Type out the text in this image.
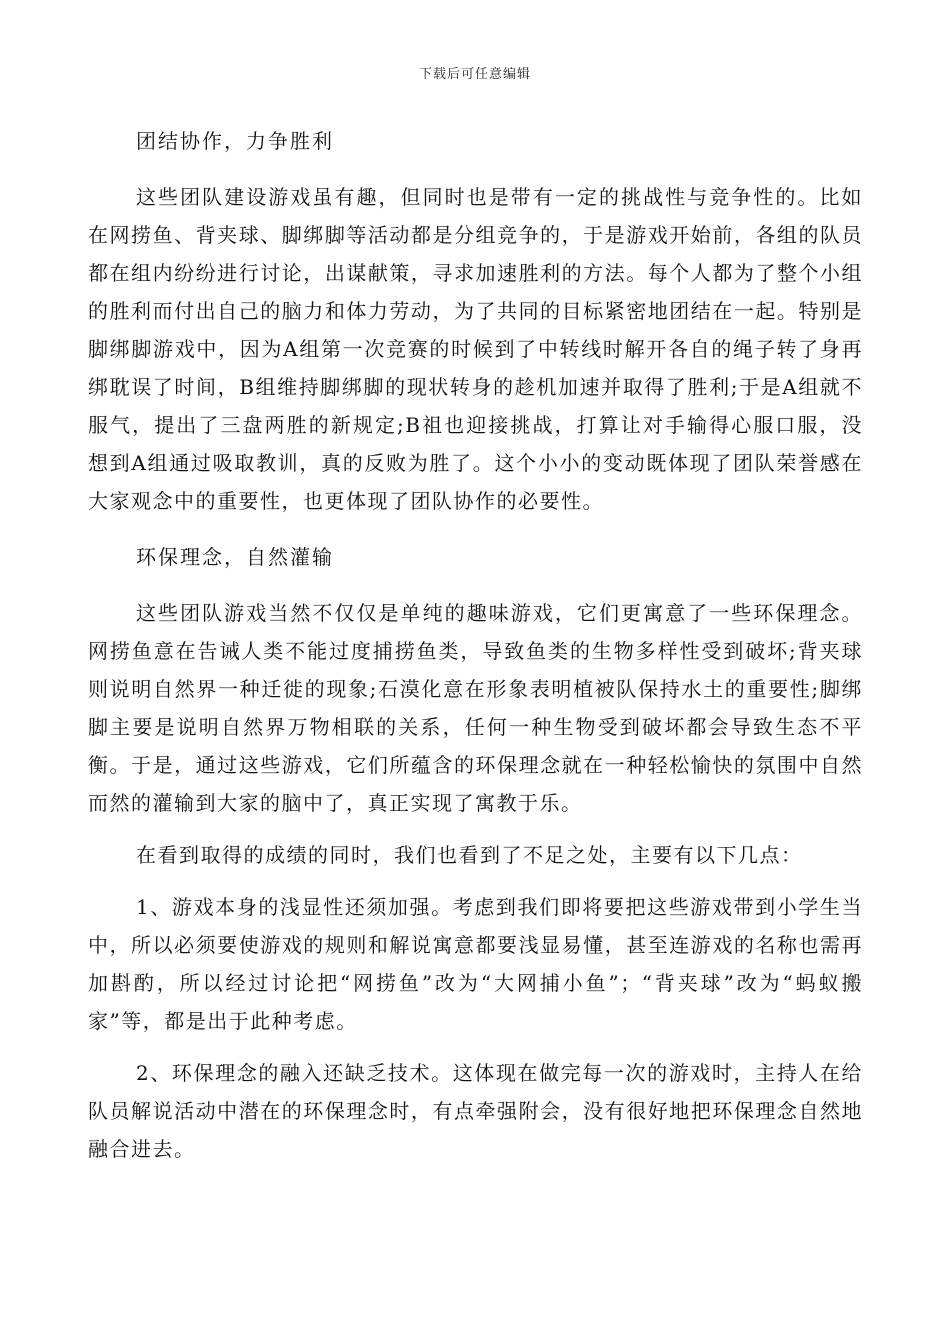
下载后可任意编辑

团结协作，力争胜利

这些团队建设游戏虽有趣，但同时也是带有一定的挑战性与竞争性的。比如在网捞鱼、背夹球、脚绑脚等活动都是分组竞争的，于是游戏开始前，各组的队员都在组内纷纷进行讨论，出谋献策，寻求加速胜利的方法。每个人都为了整个小组的胜利而付出自己的脑力和体力劳动，为了共同的目标紧密地团结在一起。特别是脚绑脚游戏中，因为A组第一次竞赛的时候到了中转线时解开各自的绳子转了身再绑耽误了时间，B组维持脚绑脚的现状转身的趁机加速并取得了胜利;于是A组就不服气，提出了三盘两胜的新规定;B祖也迎接挑战，打算让对手输得心服口服，没想到A组通过吸取教训，真的反败为胜了。这个小小的变动既体现了团队荣誉感在大家观念中的重要性，也更体现了团队协作的必要性。

环保理念，自然灌输

这些团队游戏当然不仅仅是单纯的趣味游戏，它们更寓意了一些环保理念。网捞鱼意在告诫人类不能过度捕捞鱼类，导致鱼类的生物多样性受到破坏;背夹球则说明自然界一种迁徙的现象;石漠化意在形象表明植被队保持水土的重要性;脚绑脚主要是说明自然界万物相联的关系，任何一种生物受到破坏都会导致生态不平衡。于是，通过这些游戏，它们所蕴含的环保理念就在一种轻松愉快的氛围中自然而然的灌输到大家的脑中了，真正实现了寓教于乐。

在看到取得的成绩的同时，我们也看到了不足之处，主要有以下几点：

1、游戏本身的浅显性还须加强。考虑到我们即将要把这些游戏带到小学生当中，所以必须要使游戏的规则和解说寓意都要浅显易懂，甚至连游戏的名称也需再加斟酌，所以经过讨论把“网捞鱼”改为“大网捕小鱼”；“背夹球”改为“蚂蚁搬家”等，都是出于此种考虑。

2、环保理念的融入还缺乏技术。这体现在做完每一次的游戏时，主持人在给队员解说活动中潜在的环保理念时，有点牵强附会，没有很好地把环保理念自然地融合进去。
